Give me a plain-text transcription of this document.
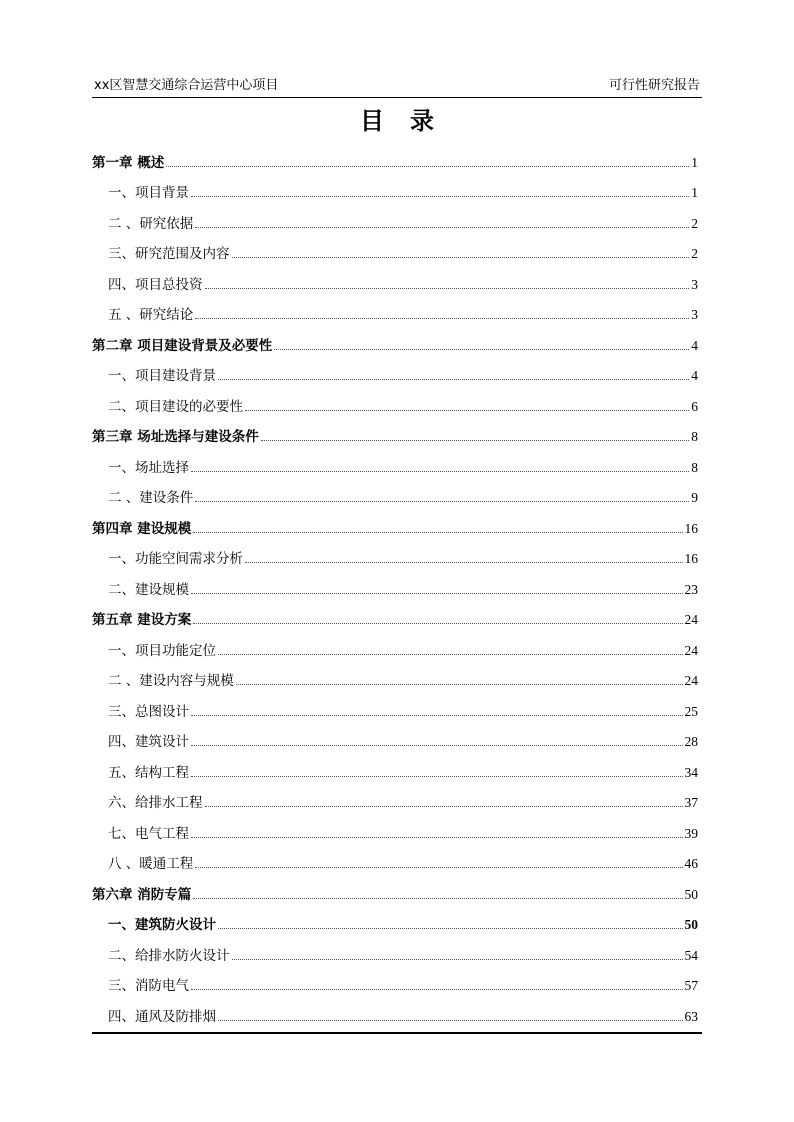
xx区智慧交通综合运营中心项目	可行性研究报告
目录
第一章 概述	1
一、项目背景	1
二 、研究依据	2
三、研究范围及内容	2
四、项目总投资	3
五 、研究结论	3
第二章 项目建设背景及必要性	4
一、项目建设背景	4
二、项目建设的必要性	6
第三章 场址选择与建设条件	8
一、场址选择	8
二 、建设条件	9
第四章 建设规模	16
一、功能空间需求分析	16
二、建设规模	23
第五章 建设方案	24
一、项目功能定位	24
二 、建设内容与规模	24
三、总图设计	25
四、建筑设计	28
五、结构工程	34
六、给排水工程	37
七、电气工程	39
八 、暖通工程	46
第六章 消防专篇	50
一、建筑防火设计	50
二、给排水防火设计	54
三、消防电气	57
四、通风及防排烟	63
